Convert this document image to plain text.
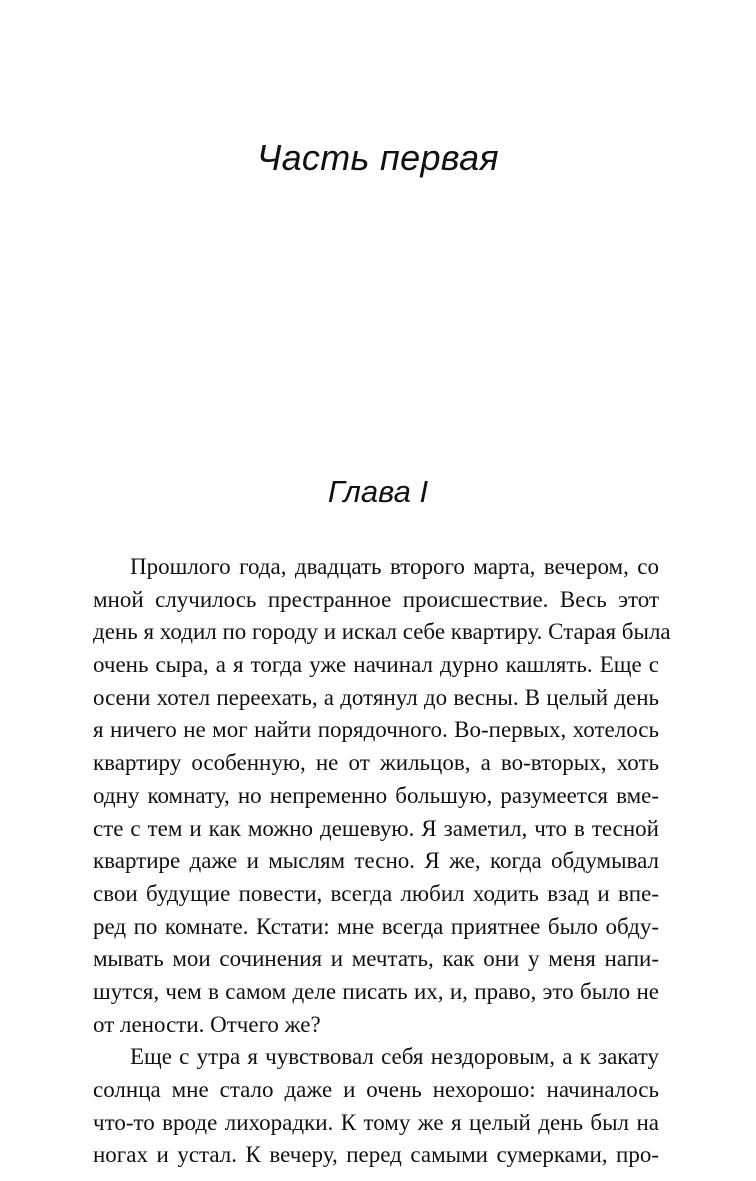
Часть первая
Глава I
Прошлого года, двадцать второго марта, вечером, со
мной случилось престранное происшествие. Весь этот
день я ходил по городу и искал себе квартиру. Старая была
очень сыра, а я тогда уже начинал дурно кашлять. Еще с
осени хотел переехать, а дотянул до весны. В целый день
я ничего не мог найти порядочного. Во-первых, хотелось
квартиру особенную, не от жильцов, а во-вторых, хоть
одну комнату, но непременно большую, разумеется вме-
сте с тем и как можно дешевую. Я заметил, что в тесной
квартире даже и мыслям тесно. Я же, когда обдумывал
свои будущие повести, всегда любил ходить взад и впе-
ред по комнате. Кстати: мне всегда приятнее было обду-
мывать мои сочинения и мечтать, как они у меня напи-
шутся, чем в самом деле писать их, и, право, это было не
от лености. Отчего же?
Еще с утра я чувствовал себя нездоровым, а к закату
солнца мне стало даже и очень нехорошо: начиналось
что-то вроде лихорадки. К тому же я целый день был на
ногах и устал. К вечеру, перед самыми сумерками, про-
